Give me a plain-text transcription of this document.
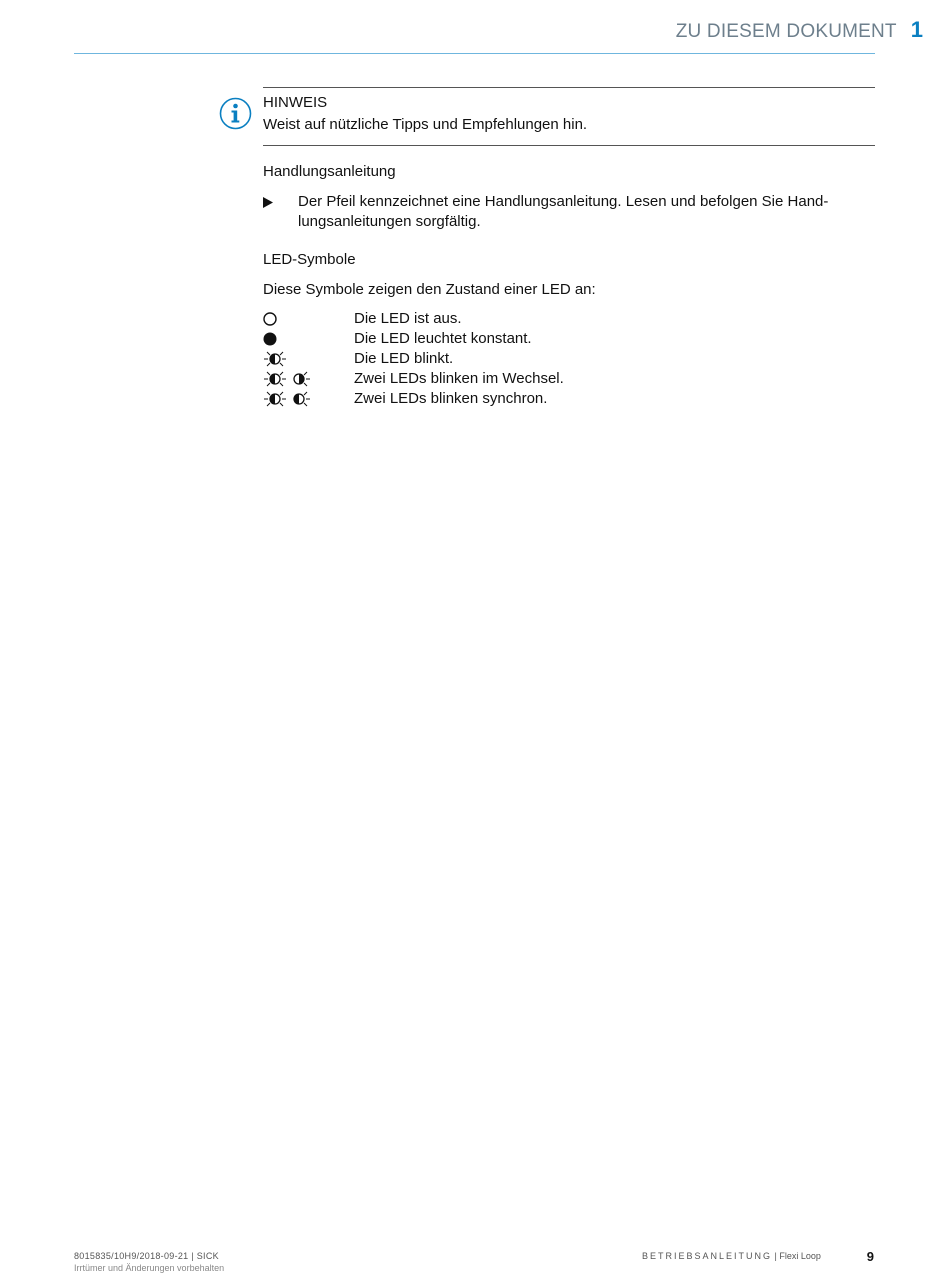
ZU DIESEM DOKUMENT 1
HINWEIS
Weist auf nützliche Tipps und Empfehlungen hin.
Handlungsanleitung
Der Pfeil kennzeichnet eine Handlungsanleitung. Lesen und befolgen Sie Hand-lungsanleitungen sorgfältig.
LED-Symbole
Diese Symbole zeigen den Zustand einer LED an:
Die LED ist aus.
Die LED leuchtet konstant.
Die LED blinkt.
Zwei LEDs blinken im Wechsel.
Zwei LEDs blinken synchron.
8015835/10H9/2018-09-21 | SICK
Irrtümer und Änderungen vorbehalten
BETRIEBSANLEITUNG | Flexi Loop	9
